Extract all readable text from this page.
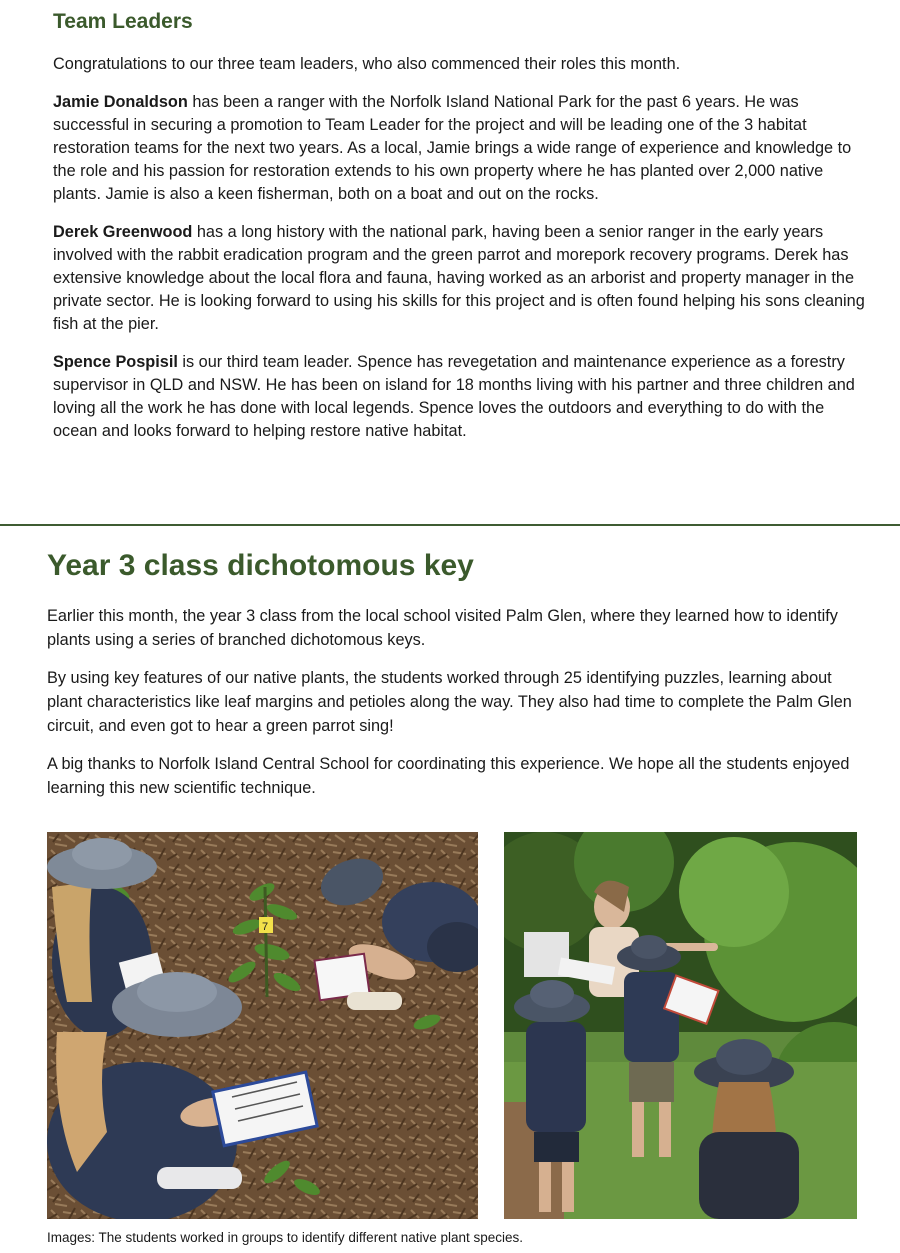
Team Leaders

Congratulations to our three team leaders, who also commenced their roles this month.

Jamie Donaldson has been a ranger with the Norfolk Island National Park for the past 6 years. He was successful in securing a promotion to Team Leader for the project and will be leading one of the 3 habitat restoration teams for the next two years. As a local, Jamie brings a wide range of experience and knowledge to the role and his passion for restoration extends to his own property where he has planted over 2,000 native plants. Jamie is also a keen fisherman, both on a boat and out on the rocks.

Derek Greenwood has a long history with the national park, having been a senior ranger in the early years involved with the rabbit eradication program and the green parrot and morepork recovery programs. Derek has extensive knowledge about the local flora and fauna, having worked as an arborist and property manager in the private sector. He is looking forward to using his skills for this project and is often found helping his sons cleaning fish at the pier.

Spence Pospisil is our third team leader. Spence has revegetation and maintenance experience as a forestry supervisor in QLD and NSW. He has been on island for 18 months living with his partner and three children and loving all the work he has done with local legends. Spence loves the outdoors and everything to do with the ocean and looks forward to helping restore native habitat.

Year 3 class dichotomous key

Earlier this month, the year 3 class from the local school visited Palm Glen, where they learned how to identify plants using a series of branched dichotomous keys.

By using key features of our native plants, the students worked through 25 identifying puzzles, learning about plant characteristics like leaf margins and petioles along the way. They also had time to complete the Palm Glen circuit, and even got to hear a green parrot sing!

A big thanks to Norfolk Island Central School for coordinating this experience. We hope all the students enjoyed learning this new scientific technique.

7
Images: The students worked in groups to identify different native plant species.
